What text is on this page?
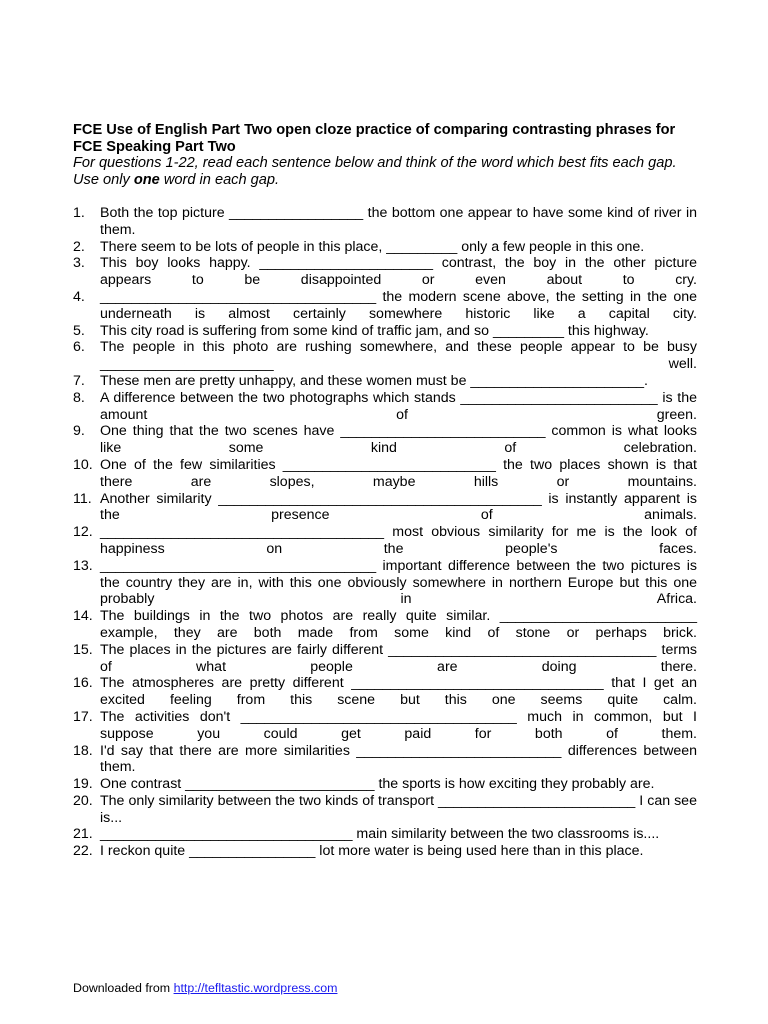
FCE Use of English Part Two open cloze practice of comparing contrasting phrases for FCE Speaking Part Two

For questions 1-22, read each sentence below and think of the word which best fits each gap. Use only one word in each gap.

1.	Both the top picture _________________ the bottom one appear to have some kind of river in them.
2.	There seem to be lots of people in this place, _________ only a few people in this one.
3.	This boy looks happy. ______________________ contrast, the boy in the other picture appears to be disappointed or even about to cry.
4.	___________________________________ the modern scene above, the setting in the one underneath is almost certainly somewhere historic like a capital city.
5.	This city road is suffering from some kind of traffic jam, and so _________ this highway.
6.	The people in this photo are rushing somewhere, and these people appear to be busy ______________________ well.
7.	These men are pretty unhappy, and these women must be ______________________.
8.	A difference between the two photographs which stands _________________________ is the amount of green.
9.	One thing that the two scenes have __________________________ common is what looks like some kind of celebration.
10. One of the few similarities ___________________________ the two places shown is that there are slopes, maybe hills or mountains.
11. Another similarity _________________________________________ is instantly apparent is the presence of animals.
12. ____________________________________ most obvious similarity for me is the look of happiness on the people's faces.
13. ___________________________________ important difference between the two pictures is the country they are in, with this one obviously somewhere in northern Europe but this one probably in Africa.
14. The buildings in the two photos are really quite similar. _________________________ example, they are both made from some kind of stone or perhaps brick.
15. The places in the pictures are fairly different __________________________________ terms of what people are doing there.
16. The atmospheres are pretty different ________________________________ that I get an excited feeling from this scene but this one seems quite calm.
17. The activities don't ___________________________________ much in common, but I suppose you could get paid for both of them.
18. I'd say that there are more similarities __________________________ differences between them.
19. One contrast ________________________ the sports is how exciting they probably are.
20. The only similarity between the two kinds of transport _________________________ I can see is...
21. ________________________________ main similarity between the two classrooms is....
22. I reckon quite ________________ lot more water is being used here than in this place.
Downloaded from http://tefltastic.wordpress.com
